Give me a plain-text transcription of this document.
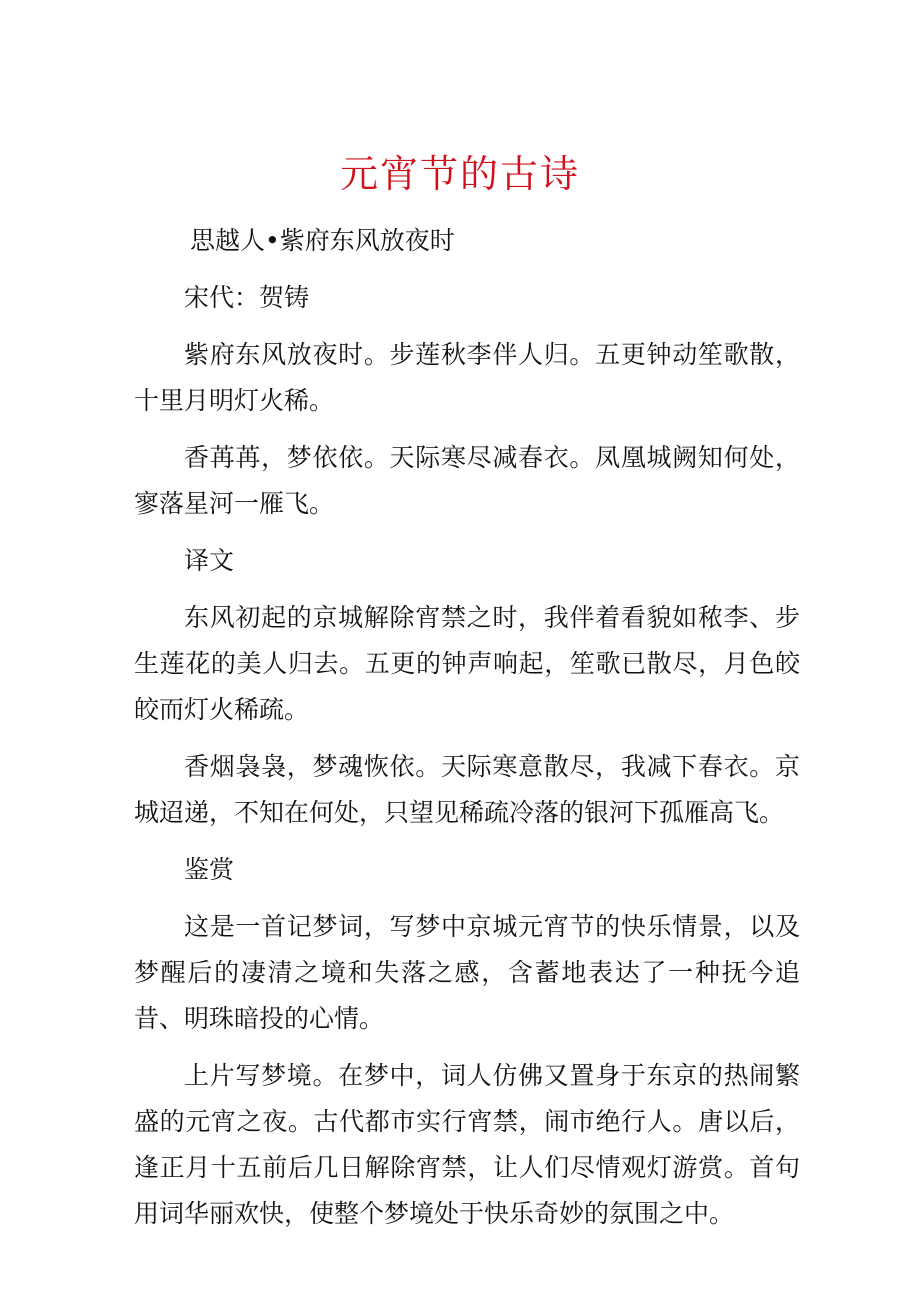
元宵节的古诗

思越人•紫府东风放夜时

宋代：贺铸

紫府东风放夜时。步莲秋李伴人归。五更钟动笙歌散，十里月明灯火稀。

香苒苒，梦依依。天际寒尽减春衣。凤凰城阙知何处，寥落星河一雁飞。

译文

东风初起的京城解除宵禁之时，我伴着看貌如秾李、步生莲花的美人归去。五更的钟声响起，笙歌已散尽，月色皎皎而灯火稀疏。

香烟袅袅，梦魂恢依。天际寒意散尽，我减下春衣。京城迢递，不知在何处，只望见稀疏冷落的银河下孤雁高飞。

鉴赏

这是一首记梦词，写梦中京城元宵节的快乐情景，以及梦醒后的凄清之境和失落之感，含蓄地表达了一种抚今追昔、明珠暗投的心情。

上片写梦境。在梦中，词人仿佛又置身于东京的热闹繁盛的元宵之夜。古代都市实行宵禁，闹市绝行人。唐以后，逢正月十五前后几日解除宵禁，让人们尽情观灯游赏。首句用词华丽欢快，使整个梦境处于快乐奇妙的氛围之中。
